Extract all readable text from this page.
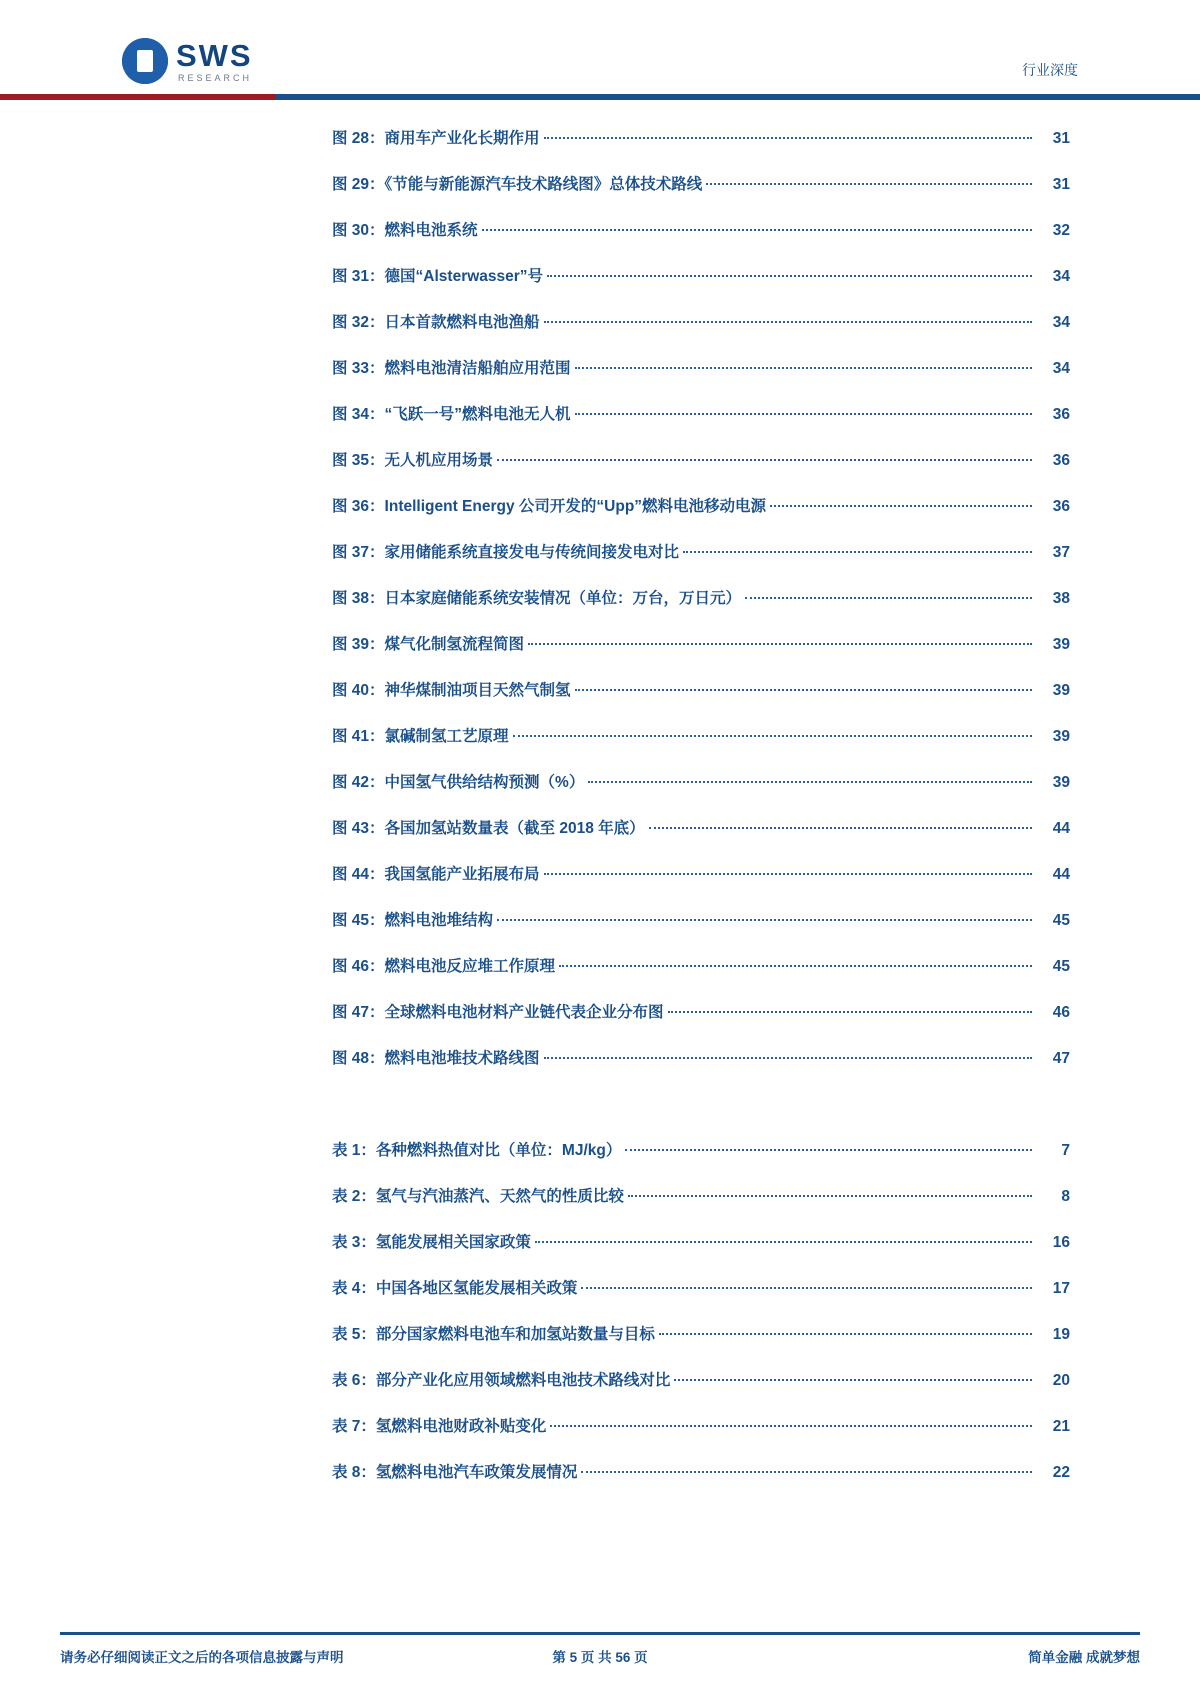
SWS
RESEARCH	行业深度
图 28：商用车产业化长期作用	31
图 29：《节能与新能源汽车技术路线图》总体技术路线	31
图 30：燃料电池系统	32
图 31：德国“Alsterwasser”号	34
图 32：日本首款燃料电池渔船	34
图 33：燃料电池清洁船舶应用范围	34
图 34：“飞跃一号”燃料电池无人机	36
图 35：无人机应用场景	36
图 36：Intelligent Energy 公司开发的“Upp”燃料电池移动电源	36
图 37：家用储能系统直接发电与传统间接发电对比	37
图 38：日本家庭储能系统安装情况（单位：万台，万日元）	38
图 39：煤气化制氢流程简图	39
图 40：神华煤制油项目天然气制氢	39
图 41：氯碱制氢工艺原理	39
图 42：中国氢气供给结构预测（%）	39
图 43：各国加氢站数量表（截至 2018 年底）	44
图 44：我国氢能产业拓展布局	44
图 45：燃料电池堆结构	45
图 46：燃料电池反应堆工作原理	45
图 47：全球燃料电池材料产业链代表企业分布图	46
图 48：燃料电池堆技术路线图	47
表 1：各种燃料热值对比（单位：MJ/kg）	7
表 2：氢气与汽油蒸汽、天然气的性质比较	8
表 3：氢能发展相关国家政策	16
表 4：中国各地区氢能发展相关政策	17
表 5：部分国家燃料电池车和加氢站数量与目标	19
表 6：部分产业化应用领域燃料电池技术路线对比	20
表 7：氢燃料电池财政补贴变化	21
表 8：氢燃料电池汽车政策发展情况	22
请务必仔细阅读正文之后的各项信息披露与声明	第 5 页 共 56 页	简单金融 成就梦想
